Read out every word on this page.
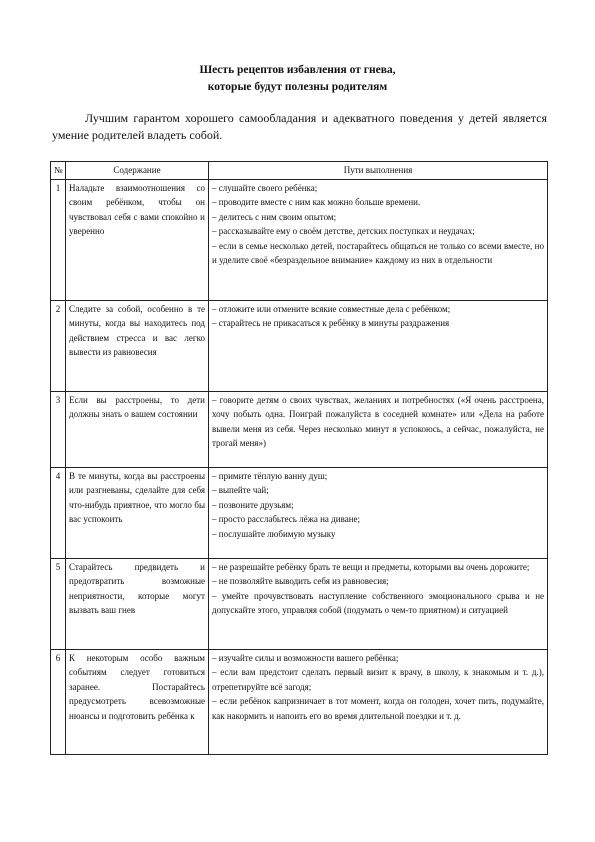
Шесть рецептов избавления от гнева,
которые будут полезны родителям
Лучшим гарантом хорошего самообладания и адекватного поведения у детей является умение родителей владеть собой.
№	Содержание	Пути выполнения
1	Наладьте взаимоотношения со своим ребёнком, чтобы он чувствовал себя с вами спокойно и уверенно	– слушайте своего ребёнка;
– проводите вместе с ним как можно больше времени.
– делитесь с ним своим опытом;
– рассказывайте ему о своём детстве, детских поступках и неудачах;
– если в семье несколько детей, постарайтесь общаться не только со всеми вместе, но и уделите своё «безраздельное внимание» каждому из них в отдельности

2	Следите за собой, особенно в те минуты, когда вы находитесь под действием стресса и вас легко вывести из равновесия	– отложите или отмените всякие совместные дела с ребёнком;
– старайтесь не прикасаться к ребёнку в минуты раздражения

3	Если вы расстроены, то дети должны знать о вашем состоянии	– говорите детям о своих чувствах, желаниях и потребностях («Я очень расстроена, хочу побыть одна. Поиграй пожалуйста в соседней комнате» или «Дела на работе вывели меня из себя. Через несколько минут я успокоюсь, а сейчас, пожалуйста, не трогай меня»)

4	В те минуты, когда вы расстроены или разгневаны, сделайте для себя что-нибудь приятное, что могло бы вас успокоить	– примите тёплую ванну душ;
– выпейте чай;
– позвоните друзьям;
– просто расслабьтесь лёжа на диване;
– послушайте любимую музыку

5	Старайтесь предвидеть и предотвратить возможные неприятности, которые могут вызвать ваш гнев	– не разрешайте ребёнку брать те вещи и предметы, которыми вы очень дорожите;
– не позволяйте выводить себя из равновесия;
– умейте прочувствовать наступление собственного эмоционального срыва и не допускайте этого, управляя собой (подумать о чем-то приятном) и ситуацией

6	К некоторым особо важным событиям следует готовиться заранее. Постарайтесь предусмотреть всевозможные нюансы и подготовить ребёнка к	– изучайте силы и возможности вашего ребёнка;
– если вам предстоит сделать первый визит к врачу, в школу, к знакомым и т. д.), отрепетируйте всё загодя;
– если ребёнок капризничает в тот момент, когда он голоден, хочет пить, подумайте, как накормить и напоить его во время длительной поездки и т. д.
